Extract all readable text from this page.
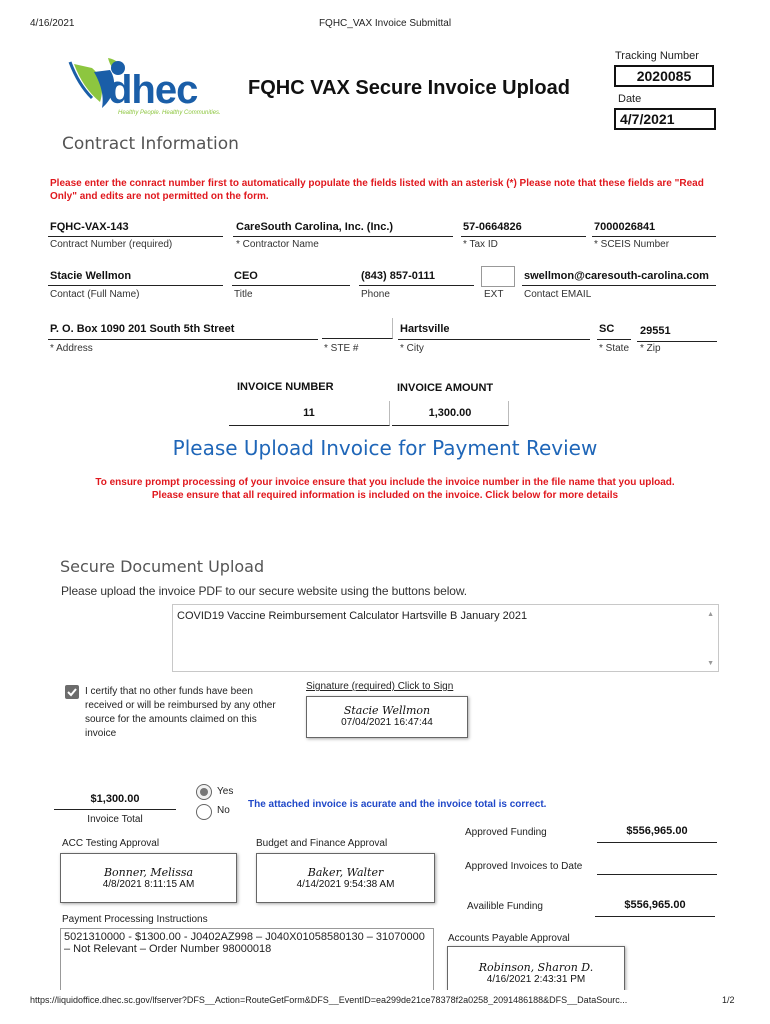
4/16/2021	FQHC_VAX Invoice Submittal
dhec
Healthy People. Healthy Communities.
FQHC VAX Secure Invoice Upload
Tracking Number
2020085
Date
4/7/2021
Contract Information
Please enter the conract number first to automatically populate the fields listed with an asterisk (*) Please note that these fields are "Read Only" and edits are not permitted on the form.
FQHC-VAX-143
Contract Number (required)
CareSouth Carolina, Inc. (Inc.)
* Contractor Name
57-0664826
* Tax ID
7000026841
* SCEIS Number
Stacie Wellmon
Contact (Full Name)
CEO
Title
(843) 857-0111
Phone	EXT
swellmon@caresouth-carolina.com
Contact EMAIL
P. O. Box 1090 201 South 5th Street
* Address	* STE #
Hartsville
* City
SC
* State
29551
* Zip
INVOICE NUMBER	INVOICE AMOUNT
11	1,300.00
Please Upload Invoice for Payment Review
To ensure prompt processing of your invoice ensure that you include the invoice number in the file name that you upload.
Please ensure that all required information is included on the invoice. Click below for more details
Secure Document Upload
Please upload the invoice PDF to our secure website using the buttons below.
COVID19 Vaccine Reimbursement Calculator Hartsville B January 2021	▲
▼
I certify that no other funds have been received or will be reimbursed by any other source for the amounts claimed on this invoice
Signature (required) Click to Sign
Stacie Wellmon
07/04/2021 16:47:44
$1,300.00
Invoice Total
Yes
No
The attached invoice is acurate and the invoice total is correct.
ACC Testing Approval
Bonner, Melissa
4/8/2021 8:11:15 AM
Budget and Finance Approval
Baker, Walter
4/14/2021 9:54:38 AM
Approved Funding	$556,965.00
Approved Invoices to Date
Availible Funding	$556,965.00
Payment Processing Instructions
5021310000 - $1300.00 - J0402AZ998 – J040X01058580130 – 31070000 – Not Relevant – Order Number 98000018
Accounts Payable Approval
Robinson, Sharon D.
4/16/2021 2:43:31 PM
https://liquidoffice.dhec.sc.gov/lfserver?DFS__Action=RouteGetForm&DFS__EventID=ea299de21ce78378f2a0258_2091486188&DFS__DataSourc...	1/2
